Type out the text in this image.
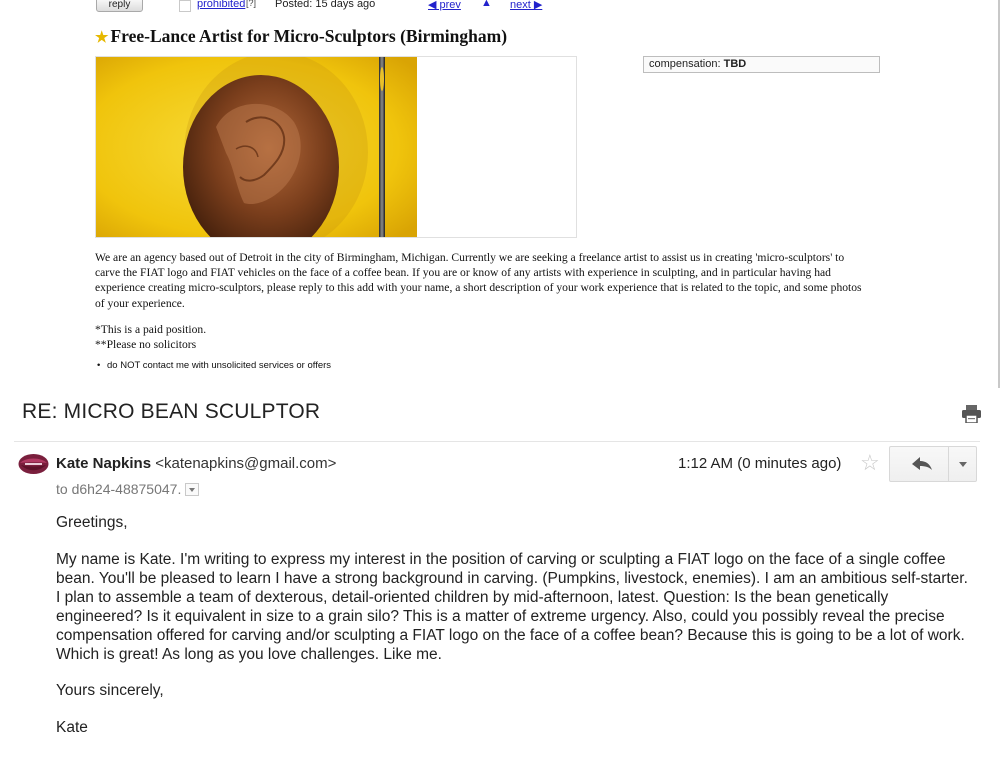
reply	prohibited [?] Posted: 15 days ago	◀ prev ▲ next ▶
★ Free-Lance Artist for Micro-Sculptors (Birmingham)
compensation: TBD
We are an agency based out of Detroit in the city of Birmingham, Michigan. Currently we are seeking a freelance artist to assist us in creating 'micro-sculptors' to carve the FIAT logo and FIAT vehicles on the face of a coffee bean. If you are or know of any artists with experience in sculpting, and in particular having had experience creating micro-sculptors, please reply to this add with your name, a short description of your work experience that is related to the topic, and some photos of your experience.
*This is a paid position.
**Please no solicitors
• do NOT contact me with unsolicited services or offers
RE: MICRO BEAN SCULPTOR
Kate Napkins <katenapkins@gmail.com>
to d6h24-48875047.
1:12 AM (0 minutes ago) ☆
Greetings,
My name is Kate. I'm writing to express my interest in the position of carving or sculpting a FIAT logo on the face of a single coffee bean. You'll be pleased to learn I have a strong background in carving. (Pumpkins, livestock, enemies). I am an ambitious self-starter. I plan to assemble a team of dexterous, detail-oriented children by mid-afternoon, latest. Question: Is the bean genetically engineered? Is it equivalent in size to a grain silo? This is a matter of extreme urgency. Also, could you possibly reveal the precise compensation offered for carving and/or sculpting a FIAT logo on the face of a coffee bean? Because this is going to be a lot of work. Which is great! As long as you love challenges. Like me.
Yours sincerely,
Kate
